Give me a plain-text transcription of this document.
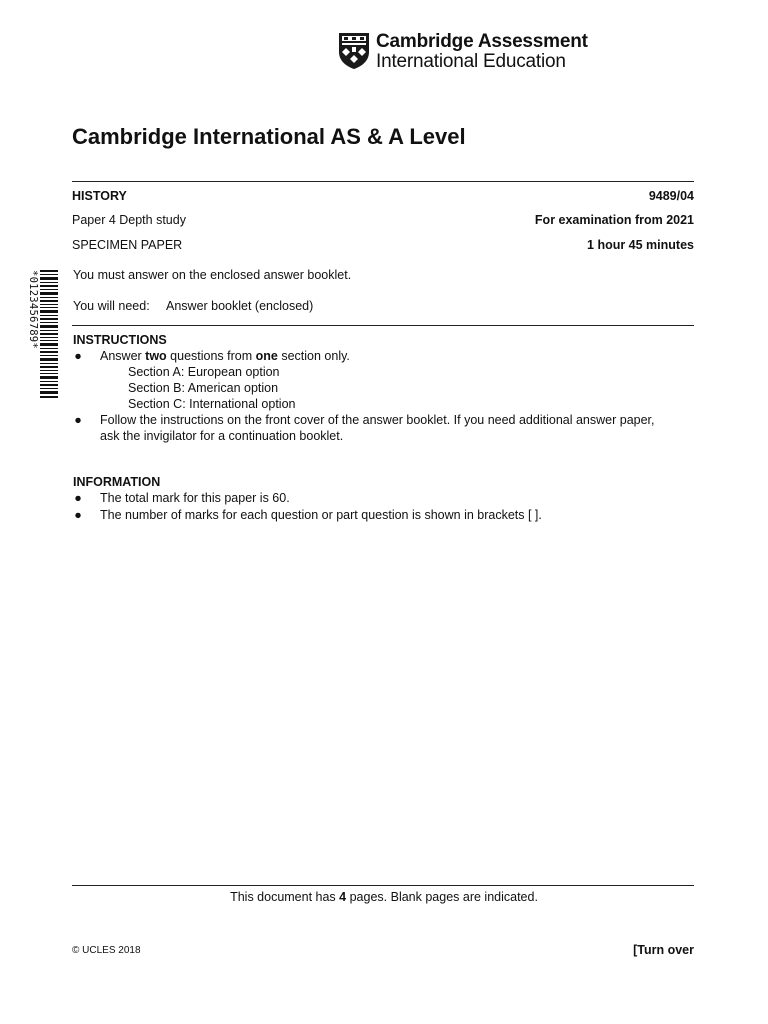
Cambridge Assessment
International Education
Cambridge International AS & A Level
HISTORY	9489/04
Paper 4 Depth study	For examination from 2021
SPECIMEN PAPER	1 hour 45 minutes
You must answer on the enclosed answer booklet.
You will need: Answer booklet (enclosed)
*0123456789*	INSTRUCTIONS
● Answer two questions from one section only.
Section A: European option
Section B: American option
Section C: International option
● Follow the instructions on the front cover of the answer booklet. If you need additional answer paper,
ask the invigilator for a continuation booklet.
INFORMATION
● The total mark for this paper is 60.
● The number of marks for each question or part question is shown in brackets [ ].
This document has 4 pages. Blank pages are indicated.
© UCLES 2018	[Turn over
